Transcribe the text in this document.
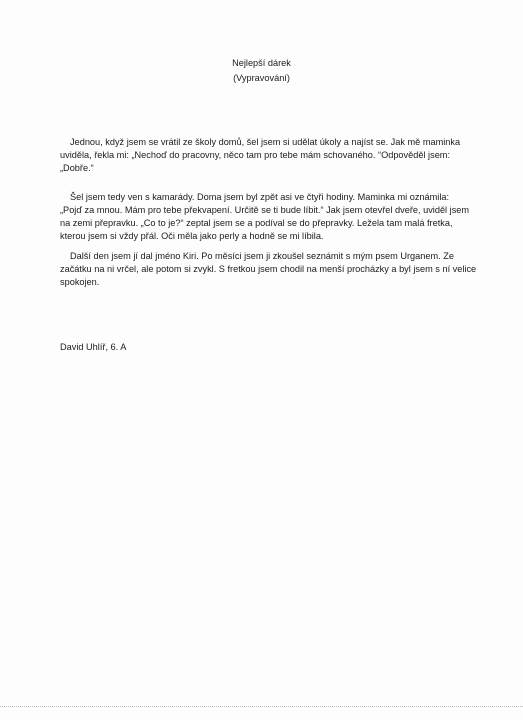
Nejlepší dárek
(Vypravování)
Jednou, když jsem se vrátil ze školy domů, šel jsem si udělat úkoly a najíst se. Jak mě maminka
uviděla, řekla mi: „Nechoď do pracovny, něco tam pro tebe mám schovaného. “Odpověděl jsem:
„Dobře.“
Šel jsem tedy ven s kamarády. Doma jsem byl zpět asi ve čtyři hodiny. Maminka mi oznámila:
„Pojď za mnou. Mám pro tebe překvapení. Určitě se ti bude líbit.“ Jak jsem otevřel dveře, uviděl jsem
na zemi přepravku. „Co to je?“ zeptal jsem se a podíval se do přepravky. Ležela tam malá fretka,
kterou jsem si vždy přál. Oči měla jako perly a hodně se mi líbila.
Další den jsem jí dal jméno Kiri. Po měsíci jsem ji zkoušel seznámit s mým psem Urganem. Ze
začátku na ni vrčel, ale potom si zvykl. S fretkou jsem chodil na menší procházky a byl jsem s ní velice
spokojen.
David Uhlíř, 6. A
